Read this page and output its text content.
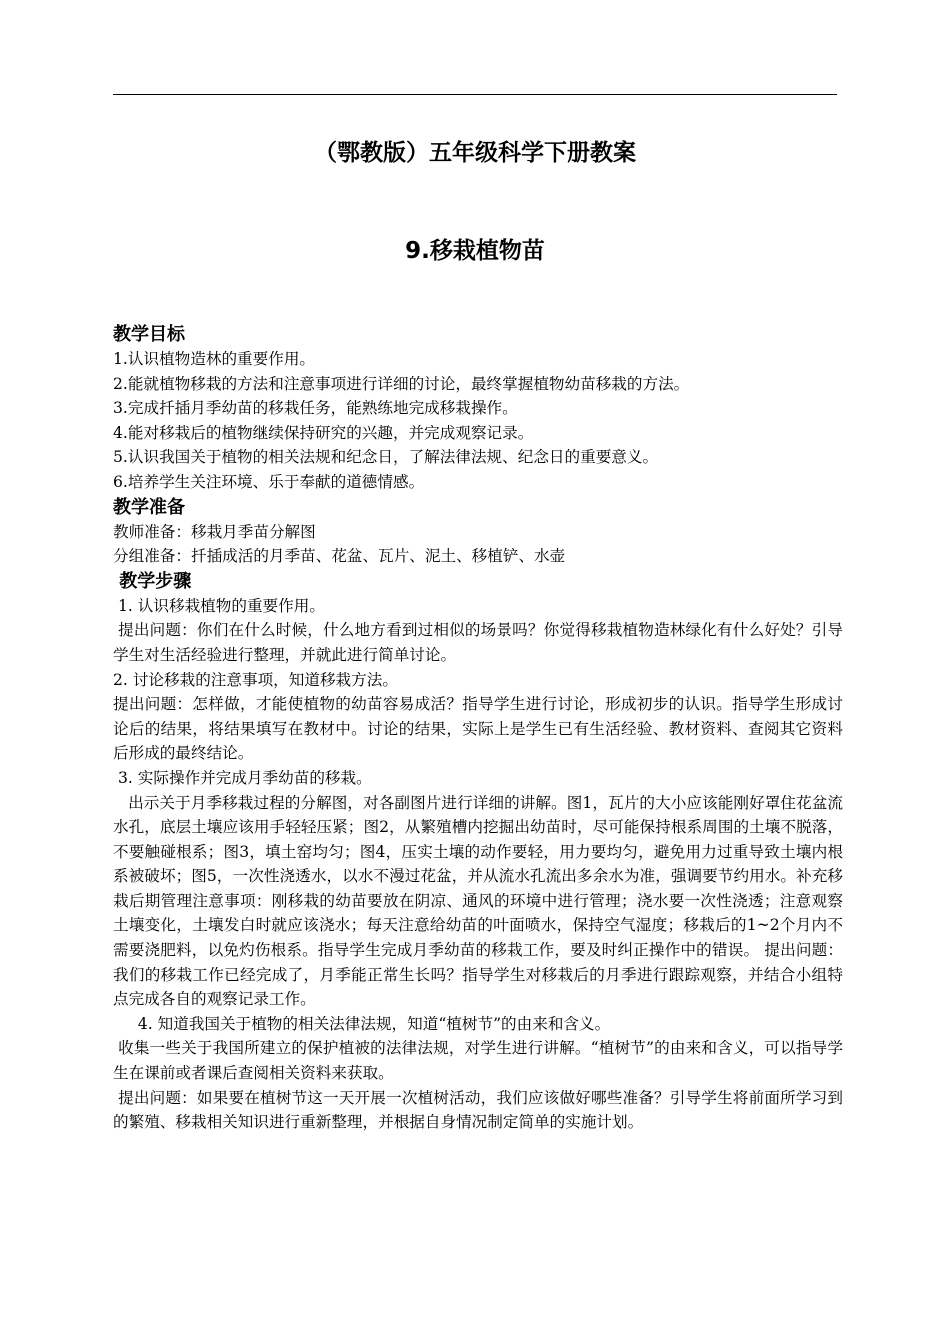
（鄂教版）五年级科学下册教案
9.移栽植物苗
教学目标

1.认识植物造林的重要作用。

2.能就植物移栽的方法和注意事项进行详细的讨论，最终掌握植物幼苗移栽的方法。

3.完成扦插月季幼苗的移栽任务，能熟练地完成移栽操作。

4.能对移栽后的植物继续保持研究的兴趣，并完成观察记录。

5.认识我国关于植物的相关法规和纪念日，了解法律法规、纪念日的重要意义。

6.培养学生关注环境、乐于奉献的道德情感。

教学准备

教师准备：移栽月季苗分解图

分组准备：扦插成活的月季苗、花盆、瓦片、泥土、移植铲、水壶

教学步骤

1. 认识移栽植物的重要作用。

提出问题：你们在什么时候，什么地方看到过相似的场景吗？你觉得移栽植物造林绿化有什么好处？引导学生对生活经验进行整理，并就此进行简单讨论。

2. 讨论移栽的注意事项，知道移栽方法。

提出问题：怎样做，才能使植物的幼苗容易成活？指导学生进行讨论，形成初步的认识。指导学生形成讨论后的结果，将结果填写在教材中。讨论的结果，实际上是学生已有生活经验、教材资料、查阅其它资料后形成的最终结论。

3. 实际操作并完成月季幼苗的移栽。

出示关于月季移栽过程的分解图，对各副图片进行详细的讲解。图1，瓦片的大小应该能刚好罩住花盆流水孔，底层土壤应该用手轻轻压紧；图2，从繁殖槽内挖掘出幼苗时，尽可能保持根系周围的土壤不脱落，不要触碰根系；图3，填土窑均匀；图4，压实土壤的动作要轻，用力要均匀，避免用力过重导致土壤内根系被破坏；图5，一次性浇透水，以水不漫过花盆，并从流水孔流出多余水为准，强调要节约用水。补充移栽后期管理注意事项：刚移栽的幼苗要放在阴凉、通风的环境中进行管理；浇水要一次性浇透；注意观察土壤变化，土壤发白时就应该浇水；每天注意给幼苗的叶面喷水，保持空气湿度；移栽后的1~2个月内不需要浇肥料，以免灼伤根系。指导学生完成月季幼苗的移栽工作，要及时纠正操作中的错误。 提出问题：我们的移栽工作已经完成了，月季能正常生长吗？指导学生对移栽后的月季进行跟踪观察，并结合小组特点完成各自的观察记录工作。

4. 知道我国关于植物的相关法律法规，知道“植树节”的由来和含义。

收集一些关于我国所建立的保护植被的法律法规，对学生进行讲解。“植树节”的由来和含义，可以指导学生在课前或者课后查阅相关资料来获取。

提出问题：如果要在植树节这一天开展一次植树活动，我们应该做好哪些准备？引导学生将前面所学习到的繁殖、移栽相关知识进行重新整理，并根据自身情况制定简单的实施计划。
